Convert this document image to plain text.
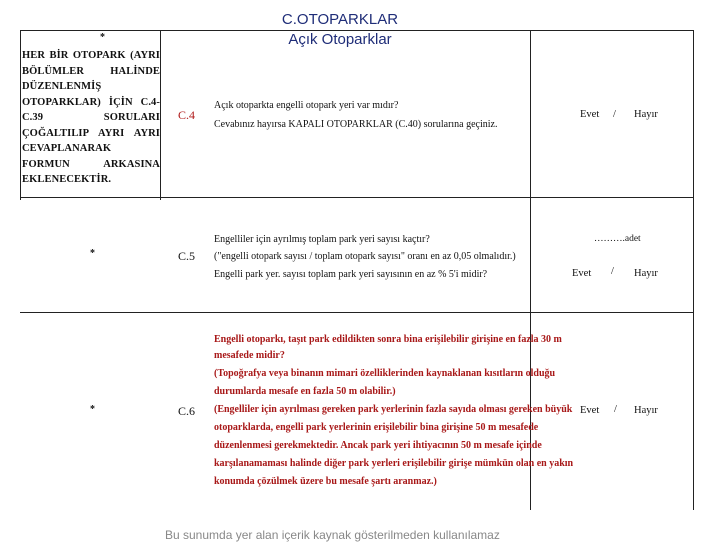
C.OTOPARKLAR
Açık Otoparklar
*
HER BİR OTOPARK (AYRI BÖLÜMLER HALİNDE DÜZENLENMİŞ OTOPARKLAR) İÇİN C.4-C.39 SORULARI ÇOĞALTILIP AYRI AYRI CEVAPLANARAK FORMUN ARKASINA EKLENECEKTİR.
*
*
C.4
Açık otoparkta engelli otopark yeri var mıdır?
Cevabınız hayırsa KAPALI OTOPARKLAR (C.40) sorularına geçiniz.
Evet / Hayır
C.5
Engelliler için ayrılmış toplam park yeri sayısı kaçtır?
("engelli otopark sayısı / toplam otopark sayısı" oranı en az 0,05 olmalıdır.)
Engelli park yer. sayısı toplam park yeri sayısının en az % 5'i midir?
……….adet
Evet / Hayır
C.6
Engelli otoparkı, taşıt park edildikten sonra bina erişilebilir girişine en fazla 30 m
mesafede midir?
(Topoğrafya veya binanın mimari özelliklerinden kaynaklanan kısıtların olduğu
durumlarda mesafe en fazla 50 m olabilir.)
(Engelliler için ayrılması gereken park yerlerinin fazla sayıda olması gereken büyük
otoparklarda, engelli park yerlerinin erişilebilir bina girişine 50 m mesafede
düzenlenmesi gerekmektedir. Ancak park yeri ihtiyacının 50 m mesafe içinde
karşılanamaması halinde diğer park yerleri erişilebilir girişe mümkün olan en yakın
konumda çözülmek üzere bu mesafe şartı aranmaz.)
Evet / Hayır
Bu sunumda yer alan içerik kaynak gösterilmeden kullanılamaz
